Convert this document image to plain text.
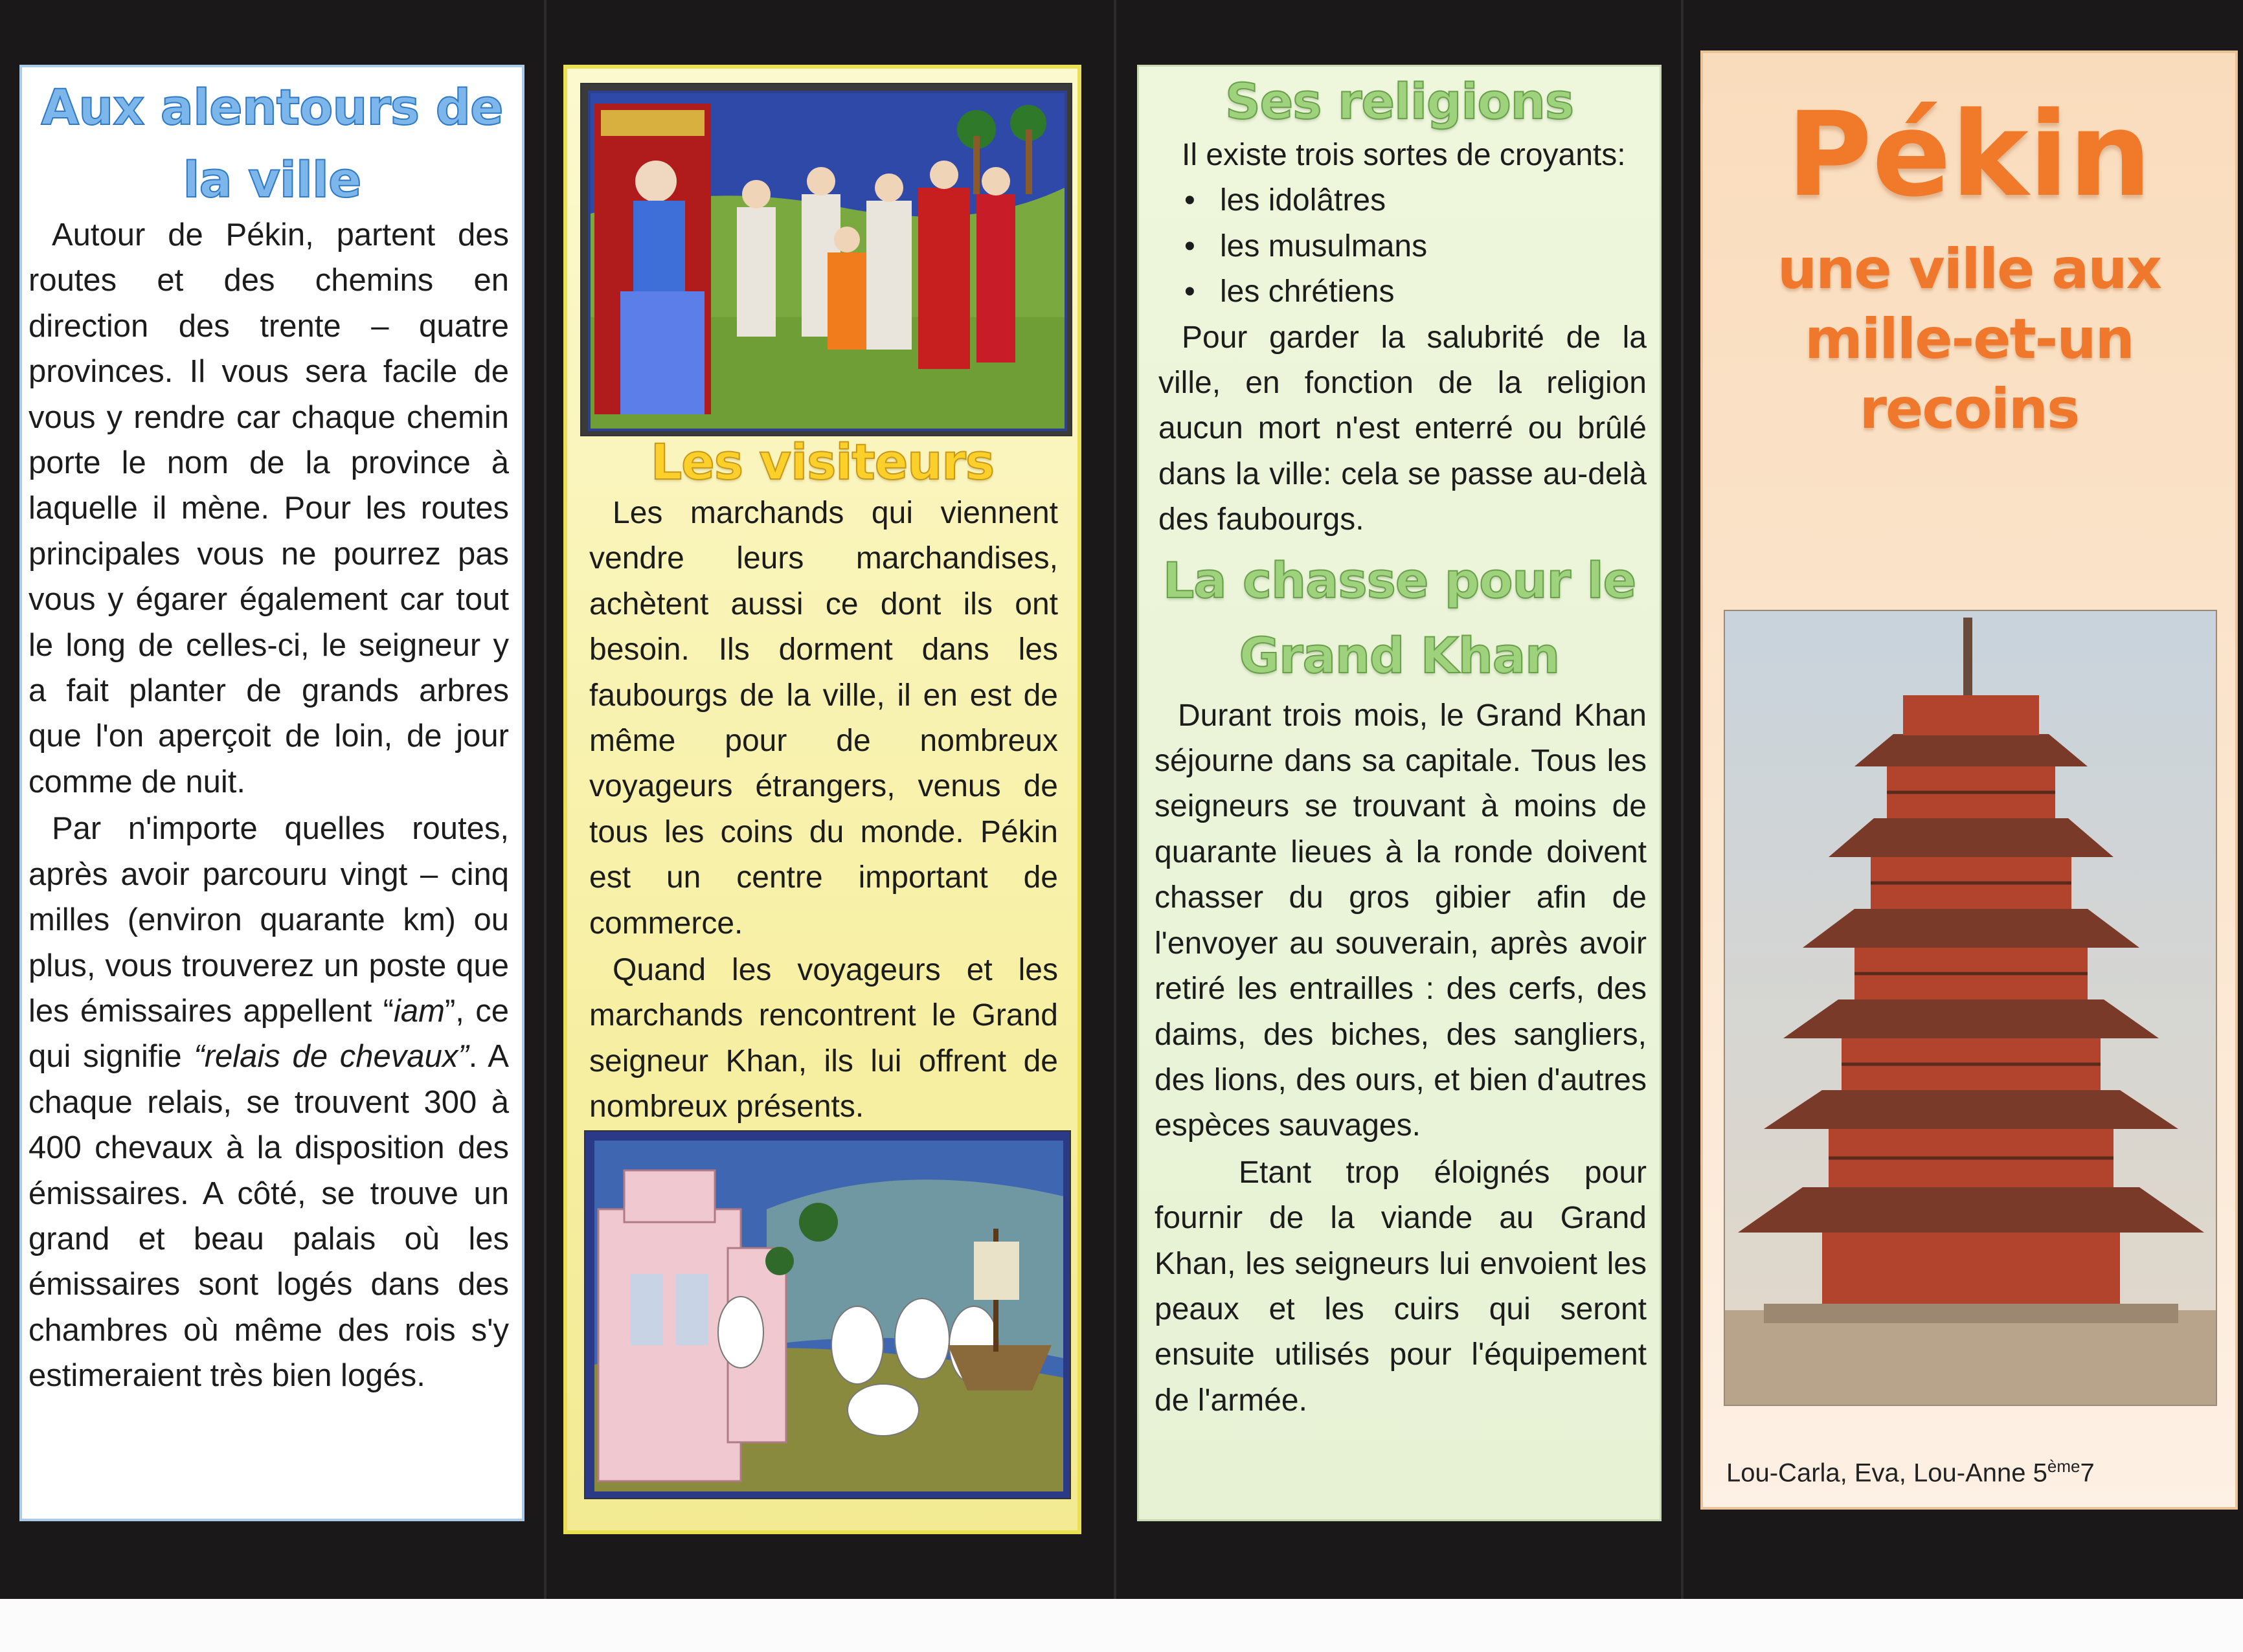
Aux alentours de
la ville

Autour de Pékin, partent des routes et des chemins en direction des trente – quatre provinces. Il vous sera facile de vous y rendre car chaque chemin porte le nom de la province à laquelle il mène. Pour les routes principales vous ne pourrez pas vous y égarer également car tout le long de celles-ci, le seigneur y a fait planter de grands arbres que l'on aperçoit de loin, de jour comme de nuit.

Par n'importe quelles routes, après avoir parcouru vingt – cinq milles (environ quarante km) ou plus, vous trouverez un poste que les émissaires appellent “iam”, ce qui signifie “relais de chevaux”. A chaque relais, se trouvent 300 à 400 chevaux à la disposition des émissaires. A côté, se trouve un grand et beau palais où les émissaires sont logés dans des chambres où même des rois s'y estimeraient très bien logés.

Les visiteurs

Les marchands qui viennent vendre leurs marchandises, achètent aussi ce dont ils ont besoin. Ils dorment dans les faubourgs de la ville, il en est de même pour de nombreux voyageurs étrangers, venus de tous les coins du monde. Pékin est un centre important de commerce.

Quand les voyageurs et les marchands rencontrent le Grand seigneur Khan, ils lui offrent de nombreux présents.

Ses religions

Il existe trois sortes de croyants:

• les idolâtres
• les musulmans
• les chrétiens

Pour garder la salubrité de la ville, en fonction de la religion aucun mort n'est enterré ou brûlé dans la ville: cela se passe au-delà des faubourgs.

La chasse pour le
Grand Khan

Durant trois mois, le Grand Khan séjourne dans sa capitale. Tous les seigneurs se trouvant à moins de quarante lieues à la ronde doivent chasser du gros gibier afin de l'envoyer au souverain, après avoir retiré les entrailles : des cerfs, des daims, des biches, des sangliers, des lions, des ours, et bien d'autres espèces sauvages.

Etant trop éloignés pour fournir de la viande au Grand Khan, les seigneurs lui envoient les peaux et les cuirs qui seront ensuite utilisés pour l'équipement de l'armée.

Pékin
une ville aux
mille-et-un
recoins
Lou-Carla, Eva, Lou-Anne 5ème7
